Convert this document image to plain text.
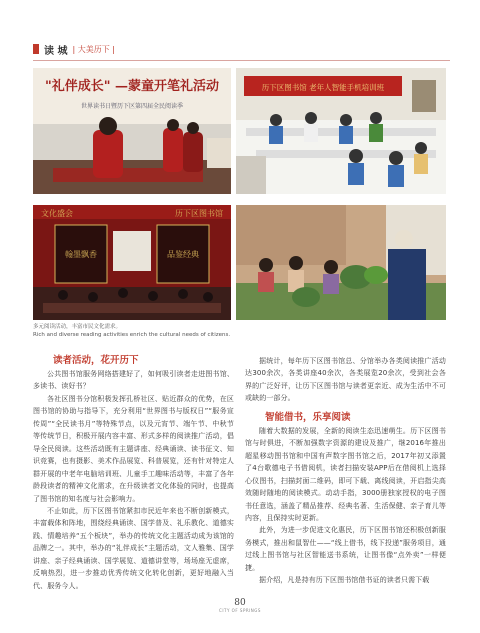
读 城 | 大美历下 |
"礼伴成长" —蒙童开笔礼活动
世界读书日暨历下区第四届全民阅读季
历下区图书馆 老年人智能手机培训班
文化盛会	历下区图书馆
翰墨飘香	品鉴经典
多元阅读活动，丰富市民文化需求。
Rich and diverse reading activities enrich the cultural needs of citizens.
读者活动，花开历下

公共图书馆服务网络搭建好了，如何吸引读者走进图书馆、多读书、读好书？

各社区图书分馆积极发挥孔桥社区、贴近群众的优势，在区图书馆的协助与指导下，充分利用“世界图书与版权日”“服务宣传周”“全民读书月”等特殊节点，以及元宵节、端午节、中秋节等传统节日，积极开展内容丰富、形式多样的阅读推广活动，倡导全民阅读。这些活动既有主题讲座、经典诵读、读书征文、知识竞赛，也有摄影、美术作品展览、科普展览，还有针对特定人群开展的中老年电脑培训班、儿童手工趣味活动等，丰富了各年龄段读者的精神文化需求，在升级读者文化体验的同时，也提高了图书馆的知名度与社会影响力。

不止如此，历下区图书馆紧扣市民近年来也不断创新模式，丰富载体和阵地，围绕经典诵读、国学普及、礼乐教化、道德实践、情趣培养“五个板块”，举办的传统文化主题活动成为该馆的品牌之一。其中，举办的“礼伴成长”主题活动，文人雅集、国学讲座、亲子经典诵读、国学展览、道德讲堂等，场场座无虚席，反响热烈，进一步推动优秀传统文化转化创新，更好地融入当代、服务今人。

据统计，每年历下区图书馆总、分馆举办各类阅读推广活动达300余次，各类讲座40余次，各类展览20余次，受到社会各界的广泛好评，让历下区图书馆与读者更亲近、成为生活中不可或缺的一部分。

智能借书，乐享阅读

随着大数据的发展，全新的阅读生态迅速萌生。历下区图书馆与时俱进，不断加强数字资源的建设及推广，继2016年推出超星移动图书馆和中国有声数字图书馆之后，2017年初又添置了4台歌德电子书借阅机，读者扫描安装APP后在借阅机上选择心仪图书，扫描封面二维码，即可下载、离线阅读，开启指尖高效随时随地的阅读模式。动动手指，3000册独家授权的电子图书任意选，涵盖了精品推荐、经典名著、生活保健、亲子育儿等内容，且保持实时更新。

此外，为进一步促进文化惠民，历下区图书馆还积极创新服务模式，推出和鼠智仕——“线上借书，线下投递”服务项目，通过线上图书馆与社区智能送书系统，让图书像“点外卖”一样便捷。

据介绍，凡是持有历下区图书馆借书证的读者只需下载

80
CITY OF SPRINGS
